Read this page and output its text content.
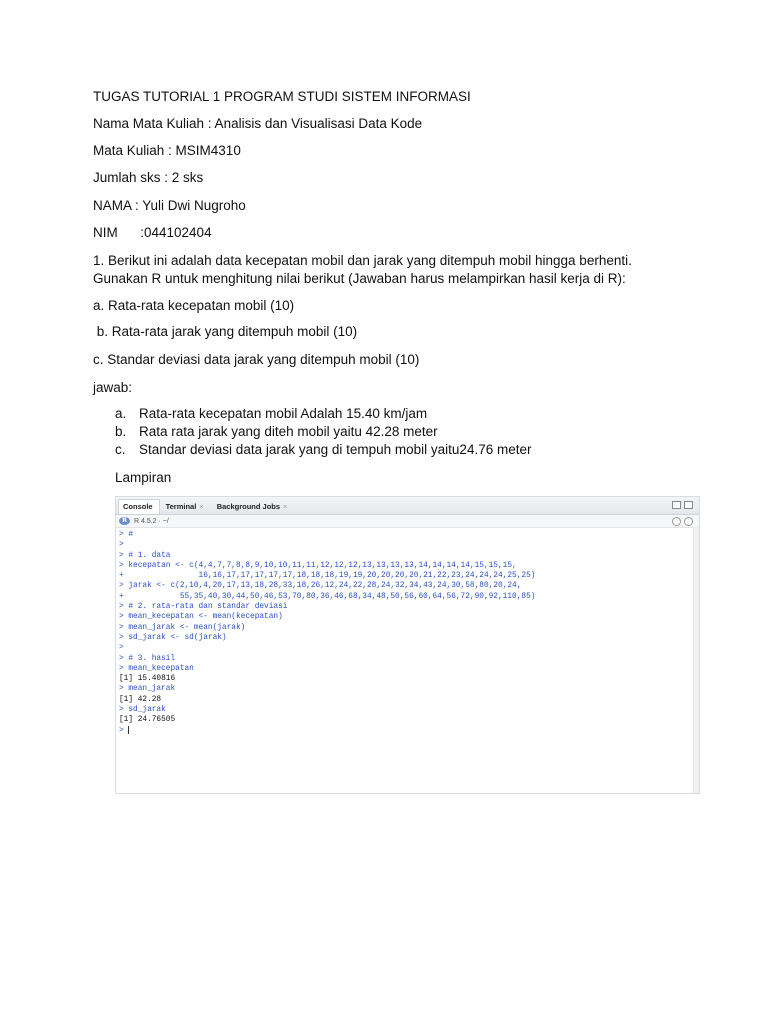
TUGAS TUTORIAL 1 PROGRAM STUDI SISTEM INFORMASI
Nama Mata Kuliah : Analisis dan Visualisasi Data Kode
Mata Kuliah : MSIM4310
Jumlah sks : 2 sks
NAMA : Yuli Dwi Nugroho
NIM      :044102404
1. Berikut ini adalah data kecepatan mobil dan jarak yang ditempuh mobil hingga berhenti. Gunakan R untuk menghitung nilai berikut (Jawaban harus melampirkan hasil kerja di R):
a. Rata-rata kecepatan mobil (10)
b. Rata-rata jarak yang ditempuh mobil (10)
c. Standar deviasi data jarak yang ditempuh mobil (10)
jawab:
a. Rata-rata kecepatan mobil Adalah 15.40 km/jam
b. Rata rata jarak yang diteh mobil yaitu 42.28 meter
c. Standar deviasi data jarak yang di tempuh mobil yaitu24.76 meter
Lampiran
Console	Terminal ×	Background Jobs ×
R	R 4.5.2 · ~/
> #
>
> # 1. data
> kecepatan <- c(4,4,7,7,8,8,9,10,10,11,11,12,12,12,13,13,13,13,14,14,14,14,15,15,15,
+                16,16,17,17,17,17,17,18,18,18,19,19,20,20,20,20,21,22,23,24,24,24,25,25)
> jarak <- c(2,10,4,20,17,13,18,28,33,18,26,12,24,22,28,24,32,34,43,24,30,58,80,20,24,
+            55,35,40,30,44,50,46,53,70,80,36,46,68,34,48,50,56,60,64,56,72,90,92,110,85)
> # 2. rata-rata dan standar deviasi
> mean_kecepatan <- mean(kecepatan)
> mean_jarak <- mean(jarak)
> sd_jarak <- sd(jarak)
>
> # 3. hasil
> mean_kecepatan
[1] 15.40816
> mean_jarak
[1] 42.28
> sd_jarak
[1] 24.76505
>
